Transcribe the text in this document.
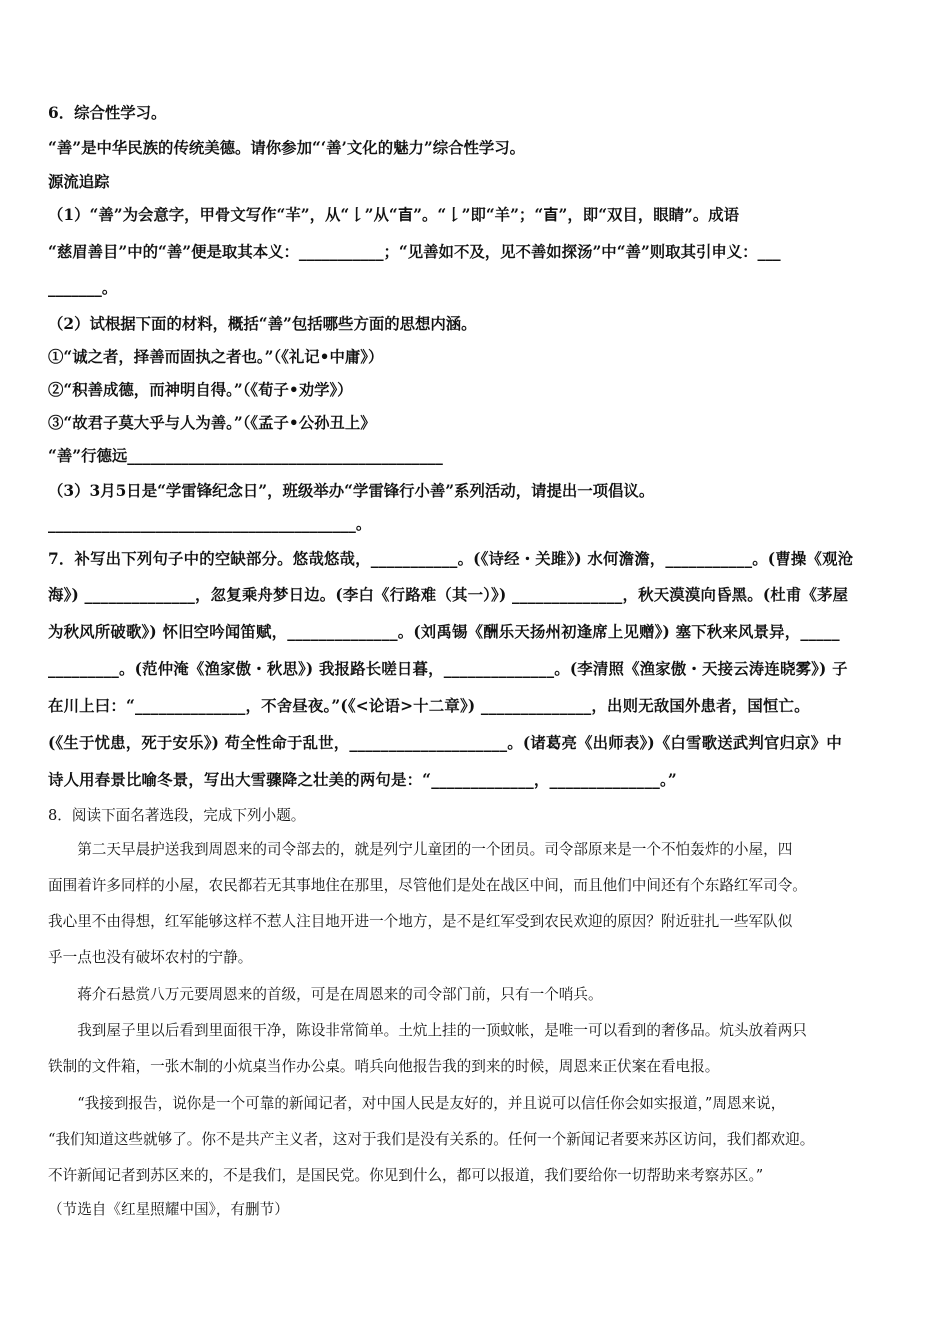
6．综合性学习。
“善”是中华民族的传统美德。请你参加“‘善’文化的魅力”综合性学习。
源流追踪
（1）“善”为会意字，甲骨文写作“𦍋”，从“𠄌”从“𥃭”。“𠄌”即“羊”；“𥃭”，即“双目，眼睛”。成语
“慈眉善目”中的“善”便是取其本义：___________；“见善如不及，见不善如探汤”中“善”则取其引申义：___
_______。
（2）试根据下面的材料，概括“善”包括哪些方面的思想内涵。
①“诚之者，择善而固执之者也。”（《礼记•中庸》）
②“积善成德，而神明自得。”（《荀子•劝学》）
③“故君子莫大乎与人为善。”（《孟子•公孙丑上》
“善”行德远_________________________________________
（3）3月5日是“学雷锋纪念日”，班级举办“学雷锋行小善”系列活动，请提出一项倡议。
________________________________________。
7．补写出下列句子中的空缺部分。悠哉悠哉，___________。(《诗经・关雎》) 水何澹澹，___________。(曹操《观沧
海》) ______________，忽复乘舟梦日边。(李白《行路难（其一）》) ______________，秋天漠漠向昏黑。(杜甫《茅屋
为秋风所破歌》) 怀旧空吟闻笛赋，______________。(刘禹锡《酬乐天扬州初逢席上见赠》) 塞下秋来风景异，_____
_________。(范仲淹《渔家傲・秋思》) 我报路长嗟日暮，______________。(李清照《渔家傲・天接云涛连晓雾》) 子
在川上曰：“______________，不舍昼夜。”(《<论语>十二章》) ______________，出则无敌国外患者，国恒亡。
(《生于忧患，死于安乐》) 苟全性命于乱世，____________________。(诸葛亮《出师表》)《白雪歌送武判官归京》中
诗人用春景比喻冬景，写出大雪骤降之壮美的两句是：“_____________，______________。”
8．阅读下面名著选段，完成下列小题。
　　第二天早晨护送我到周恩来的司令部去的，就是列宁儿童团的一个团员。司令部原来是一个不怕轰炸的小屋，四
面围着许多同样的小屋，农民都若无其事地住在那里，尽管他们是处在战区中间，而且他们中间还有个东路红军司令。
我心里不由得想，红军能够这样不惹人注目地开进一个地方，是不是红军受到农民欢迎的原因？附近驻扎一些军队似
乎一点也没有破坏农村的宁静。
　　蒋介石悬赏八万元要周恩来的首级，可是在周恩来的司令部门前，只有一个哨兵。
　　我到屋子里以后看到里面很干净，陈设非常简单。土炕上挂的一顶蚊帐，是唯一可以看到的奢侈品。炕头放着两只
铁制的文件箱，一张木制的小炕桌当作办公桌。哨兵向他报告我的到来的时候，周恩来正伏案在看电报。
　　“我接到报告，说你是一个可靠的新闻记者，对中国人民是友好的，并且说可以信任你会如实报道，”周恩来说，
“我们知道这些就够了。你不是共产主义者，这对于我们是没有关系的。任何一个新闻记者要来苏区访问，我们都欢迎。
不许新闻记者到苏区来的，不是我们，是国民党。你见到什么，都可以报道，我们要给你一切帮助来考察苏区。”
（节选自《红星照耀中国》，有删节）
